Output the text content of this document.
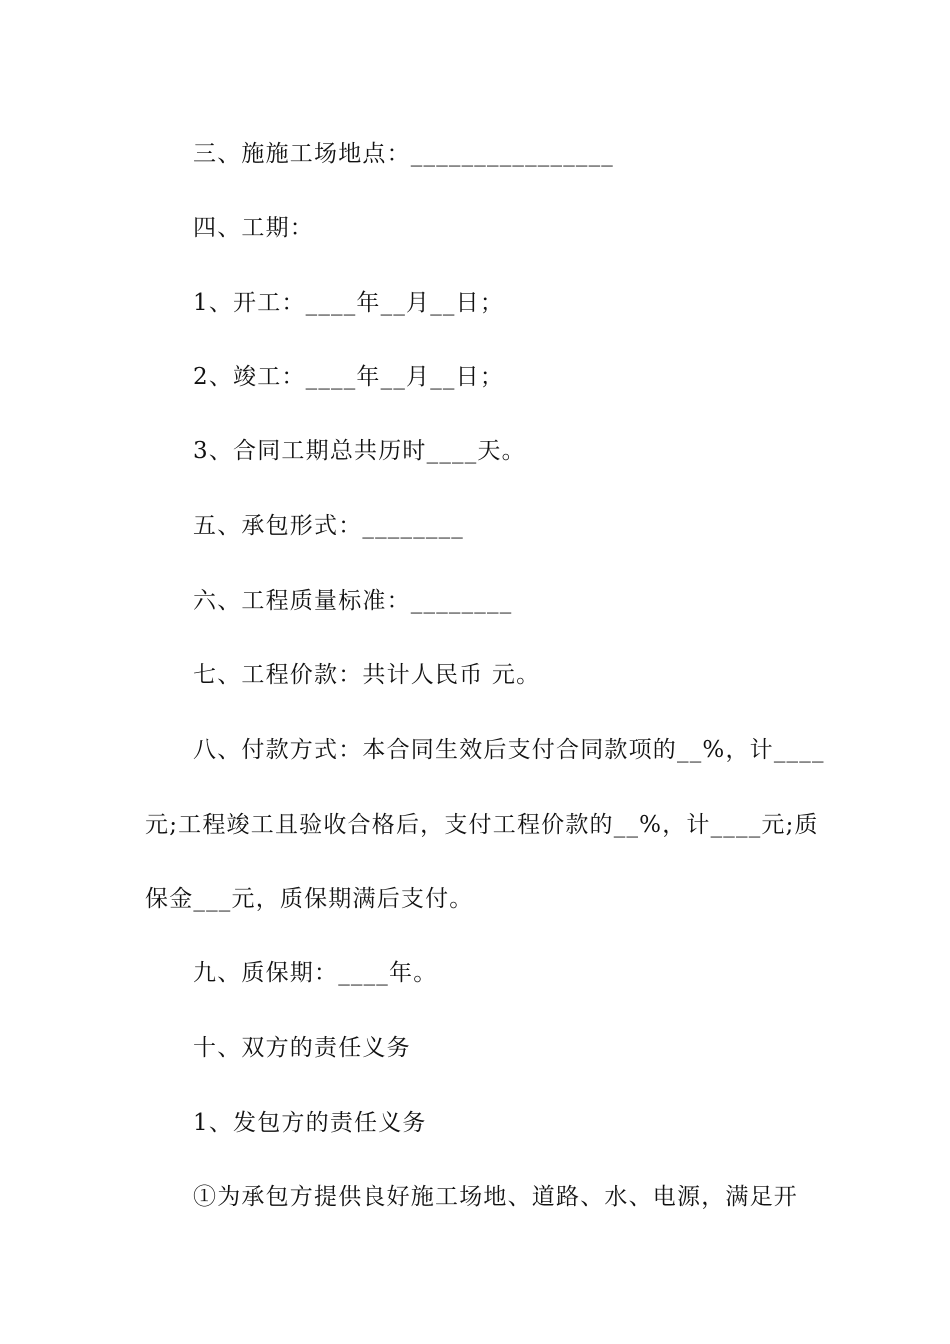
三、施施工场地点：________________
四、工期：
1、开工：____年__月__日；
2、竣工：____年__月__日；
3、合同工期总共历时____天。
五、承包形式：________
六、工程质量标准：________
七、工程价款：共计人民币 元。
八、付款方式：本合同生效后支付合同款项的__%，计____
元;工程竣工且验收合格后，支付工程价款的__%，计____元;质
保金___元，质保期满后支付。
九、质保期：____年。
十、双方的责任义务
1、发包方的责任义务
①为承包方提供良好施工场地、道路、水、电源，满足开
